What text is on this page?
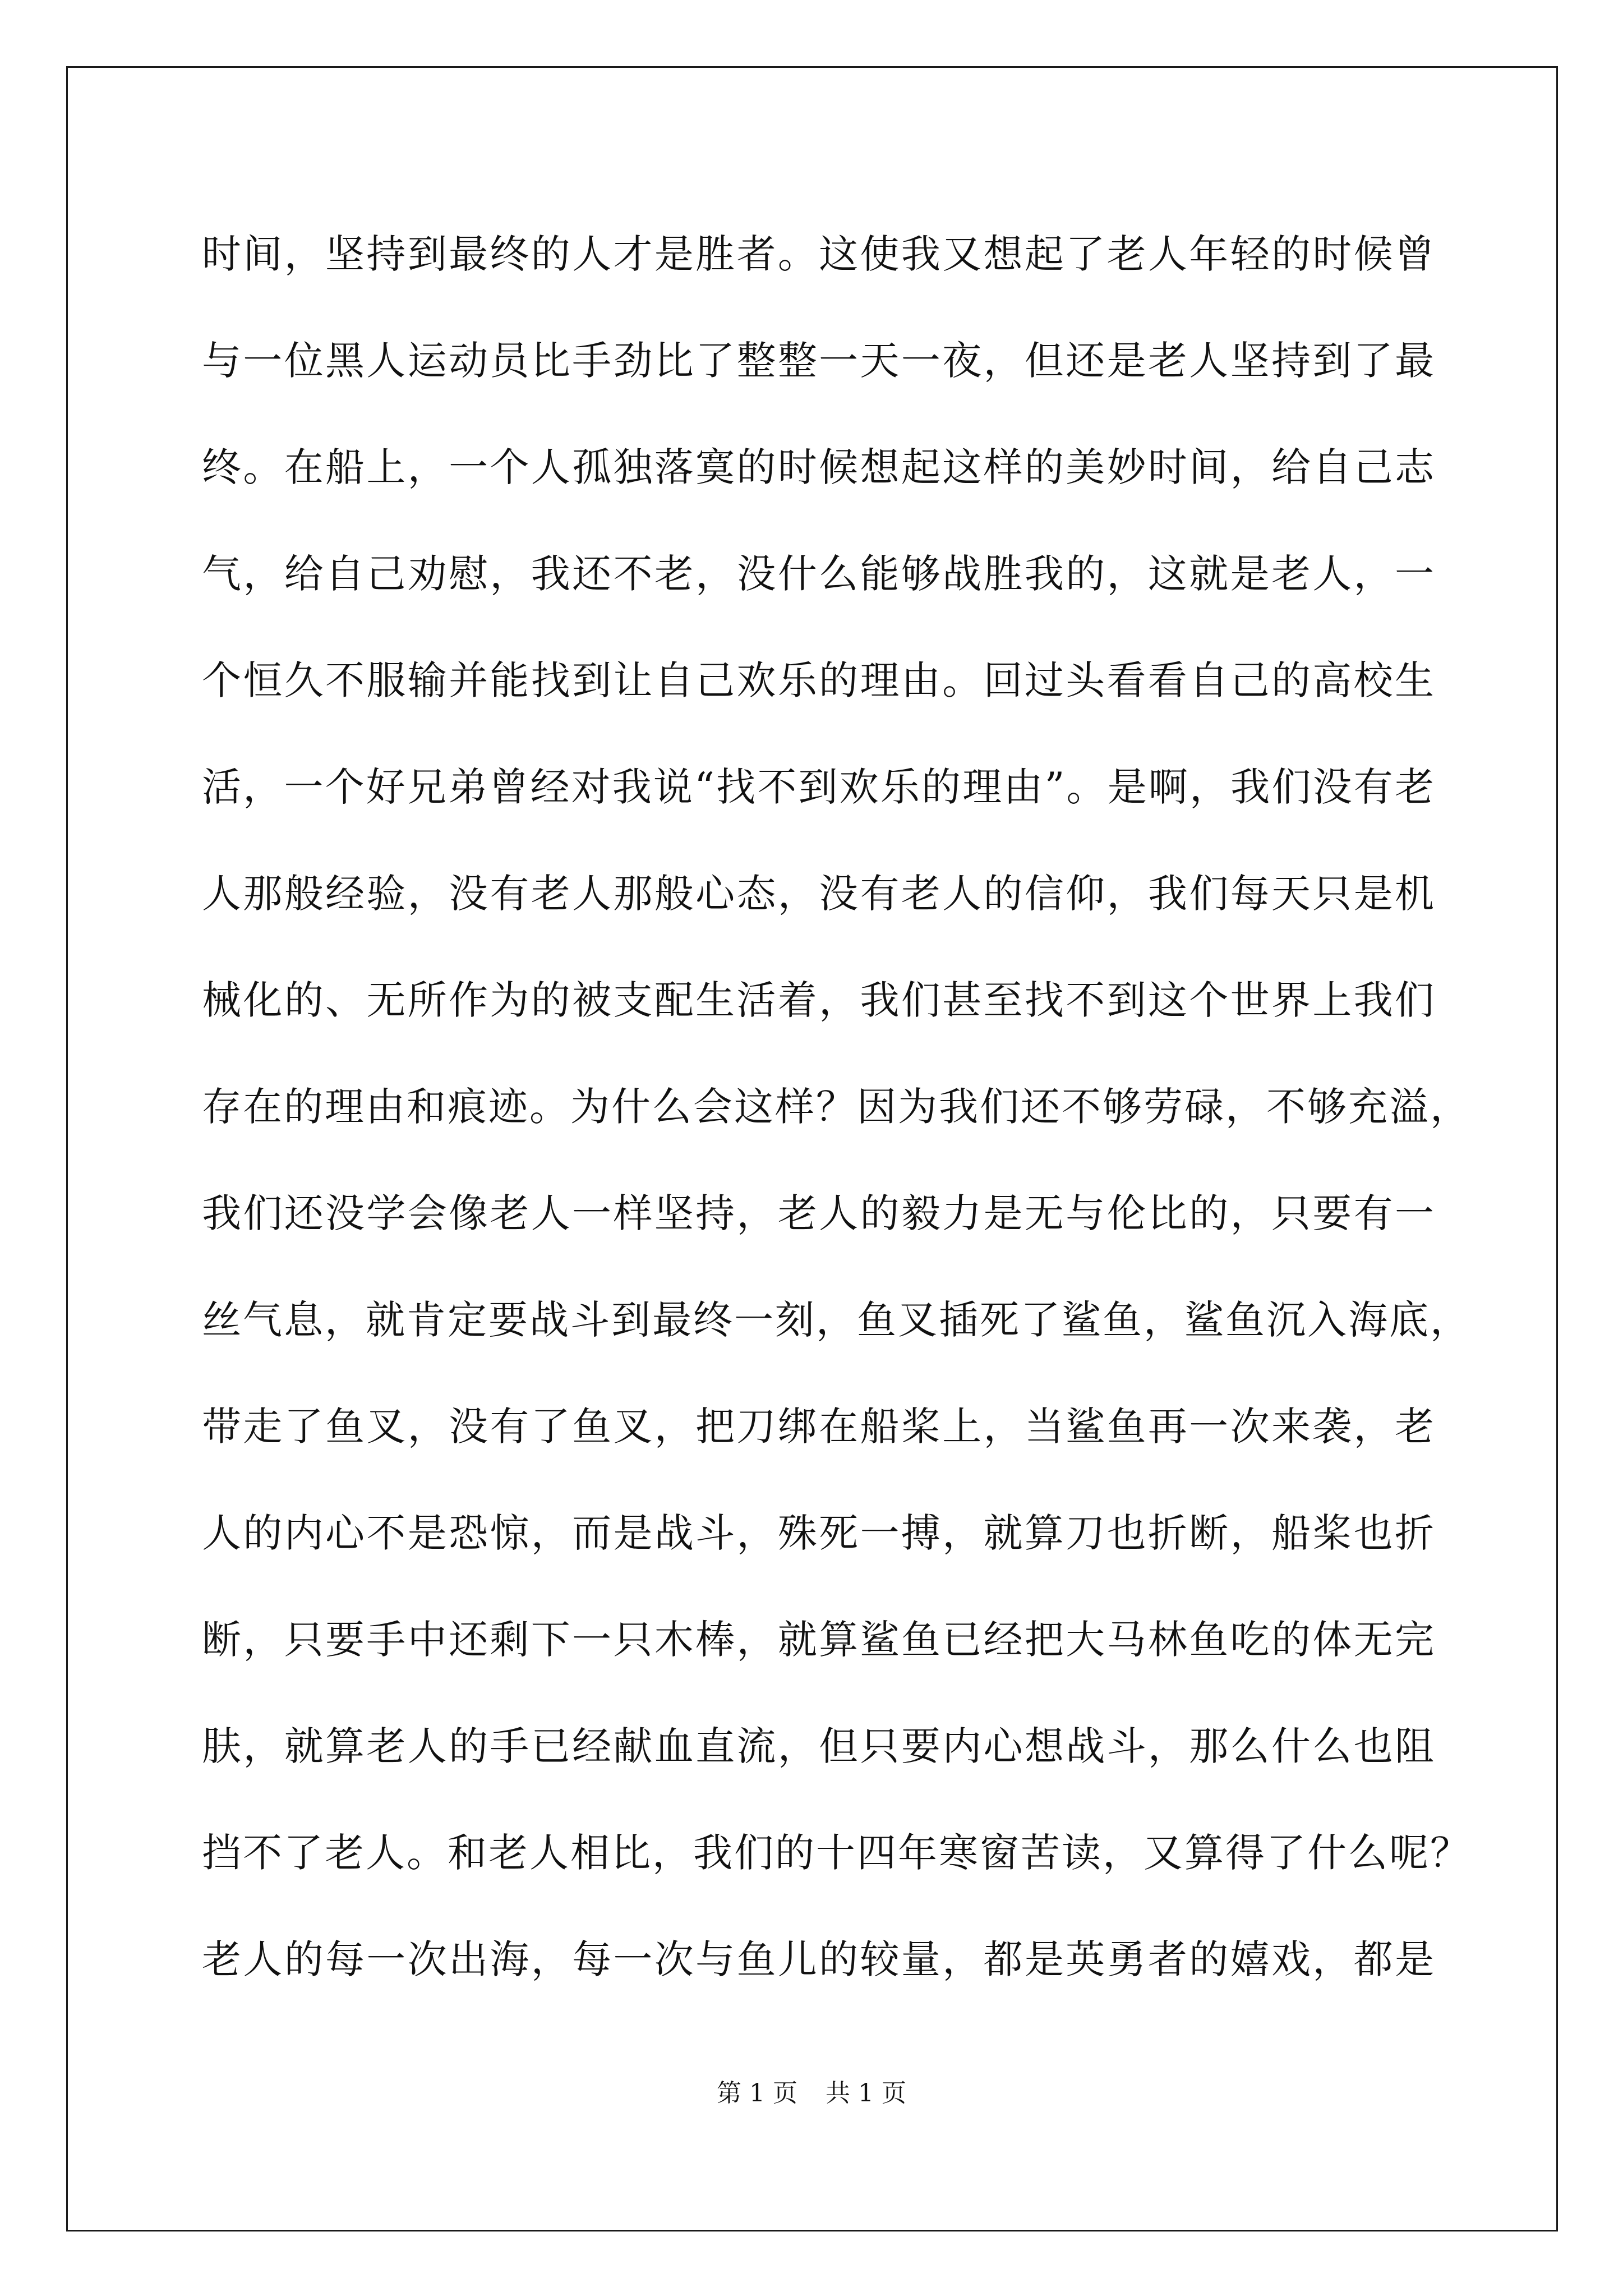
时间，坚持到最终的人才是胜者。这使我又想起了老人年轻的时候曾
与一位黑人运动员比手劲比了整整一天一夜，但还是老人坚持到了最
终。在船上，一个人孤独落寞的时候想起这样的美妙时间，给自己志
气，给自己劝慰，我还不老，没什么能够战胜我的，这就是老人，一
个恒久不服输并能找到让自己欢乐的理由。回过头看看自己的高校生
活，一个好兄弟曾经对我说“找不到欢乐的理由”。是啊，我们没有老
人那般经验，没有老人那般心态，没有老人的信仰，我们每天只是机
械化的、无所作为的被支配生活着，我们甚至找不到这个世界上我们
存在的理由和痕迹。为什么会这样？因为我们还不够劳碌，不够充溢，
我们还没学会像老人一样坚持，老人的毅力是无与伦比的，只要有一
丝气息，就肯定要战斗到最终一刻，鱼叉插死了鲨鱼，鲨鱼沉入海底，
带走了鱼叉，没有了鱼叉，把刀绑在船桨上，当鲨鱼再一次来袭，老
人的内心不是恐惊，而是战斗，殊死一搏，就算刀也折断，船桨也折
断，只要手中还剩下一只木棒，就算鲨鱼已经把大马林鱼吃的体无完
肤，就算老人的手已经献血直流，但只要内心想战斗，那么什么也阻
挡不了老人。和老人相比，我们的十四年寒窗苦读，又算得了什么呢？
老人的每一次出海，每一次与鱼儿的较量，都是英勇者的嬉戏，都是
第 1 页 共 1 页
